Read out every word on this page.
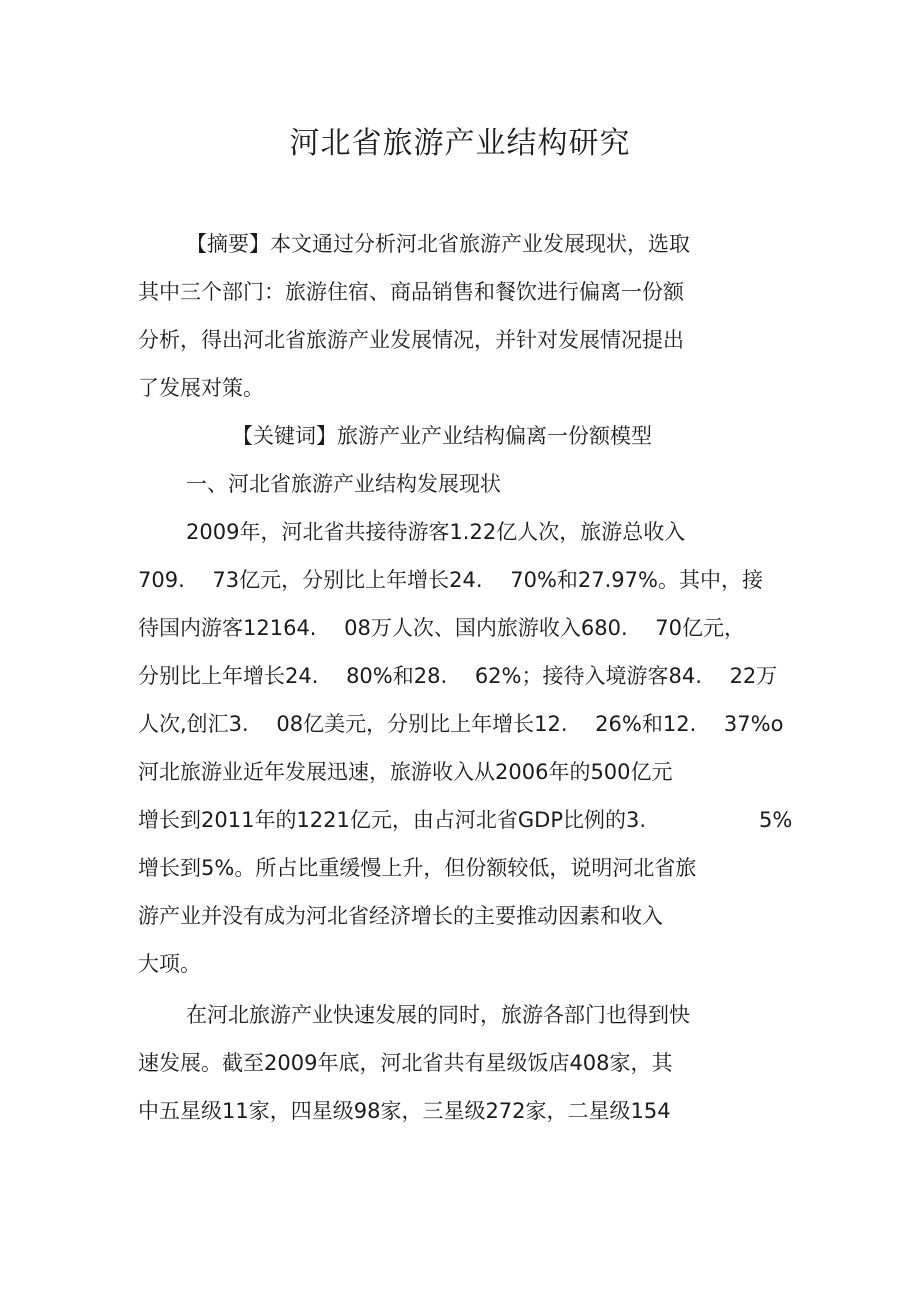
河北省旅游产业结构研究

【摘要】本文通过分析河北省旅游产业发展现状，选取

其中三个部门：旅游住宿、商品销售和餐饮进行偏离一份额

分析，得出河北省旅游产业发展情况，并针对发展情况提出

了发展对策。

【关键词】旅游产业产业结构偏离一份额模型

一、河北省旅游产业结构发展现状

2009年，河北省共接待游客1.22亿人次，旅游总收入

709.　 73亿元，分别比上年增长24.　 70%和27.97%。其中，接

待国内游客12164.　 08万人次、国内旅游收入680.　 70亿元，

分别比上年增长24.　 80%和28.　 62%；接待入境游客84.　 22万

人次,创汇3.　 08亿美元，分别比上年增长12.　 26%和12.　 37%o

河北旅游业近年发展迅速，旅游收入从2006年的500亿元

增长到2011年的1221亿元，由占河北省GDP比例的3.	5%

增长到5%。所占比重缓慢上升，但份额较低，说明河北省旅

游产业并没有成为河北省经济增长的主要推动因素和收入

大项。

在河北旅游产业快速发展的同时，旅游各部门也得到快

速发展。截至2009年底，河北省共有星级饭店408家，其

中五星级11家，四星级98家，三星级272家，二星级154
